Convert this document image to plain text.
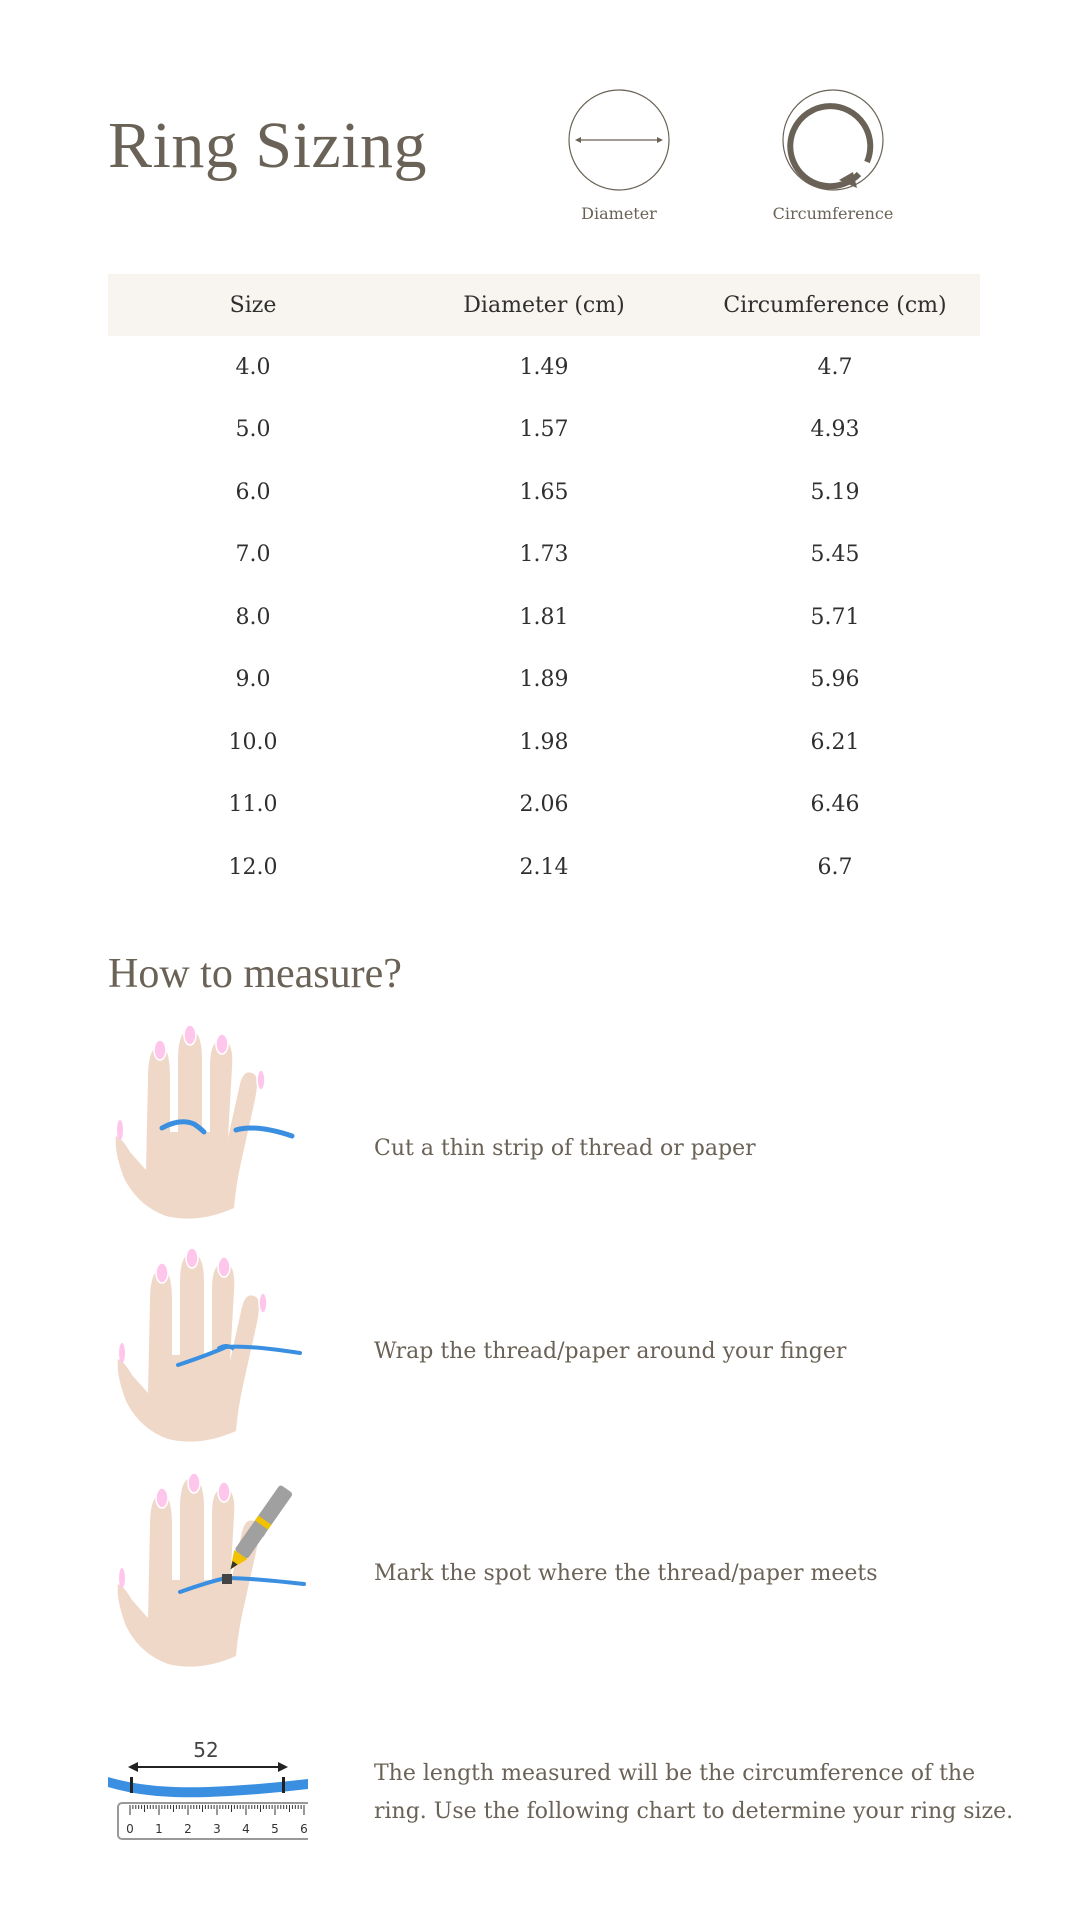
Ring Sizing
Diameter	Circumference
Size	Diameter (cm)	Circumference (cm)
4.0	1.49	4.7
5.0	1.57	4.93
6.0	1.65	5.19
7.0	1.73	5.45
8.0	1.81	5.71
9.0	1.89	5.96
10.0	1.98	6.21
11.0	2.06	6.46
12.0	2.14	6.7
How to measure?
Cut a thin strip of thread or paper
Wrap the thread/paper around your finger
Mark the spot where the thread/paper meets
52
0 1 2 3 4 5 6
The length measured will be the circumference of the ring. Use the following chart to determine your ring size.
